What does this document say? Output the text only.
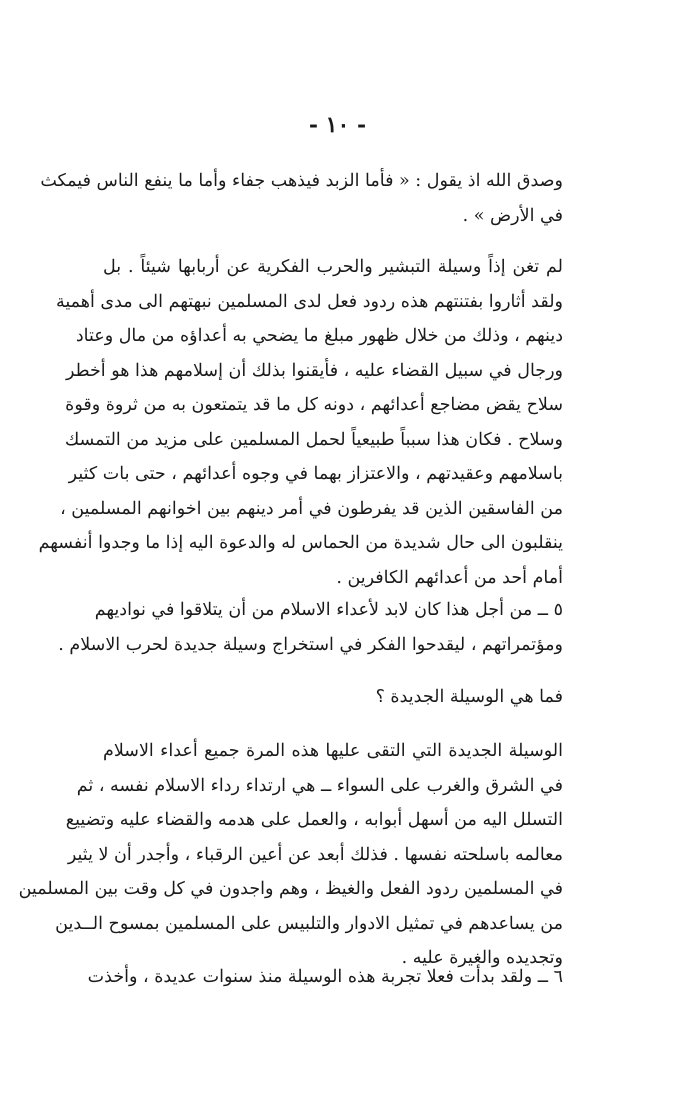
- ١٠ -
وصدق الله اذ يقول : « فأما الزبد فيذهب جفاء وأما ما ينفع الناس فيمكث
في الأرض » .
لم تغن إذاً وسيلة التبشير والحرب الفكرية عن أربابها شيئاً . بل
ولقد أثاروا بفتنتهم هذه ردود فعل لدى المسلمين نبهتهم الى مدى أهمية
دينهم ، وذلك من خلال ظهور مبلغ ما يضحي به أعداؤه من مال وعتاد
ورجال في سبيل القضاء عليه ، فأيقنوا بذلك أن إسلامهم هذا هو أخطر
سلاح يقض مضاجع أعدائهم ، دونه كل ما قد يتمتعون به من ثروة وقوة
وسلاح . فكان هذا سبباً طبيعياً لحمل المسلمين على مزيد من التمسك
باسلامهم وعقيدتهم ، والاعتزاز بهما في وجوه أعدائهم ، حتى بات كثير
من الفاسقين الذين قد يفرطون في أمر دينهم بين اخوانهم المسلمين ،
ينقلبون الى حال شديدة من الحماس له والدعوة اليه إذا ما وجدوا أنفسهم
أمام أحد من أعدائهم الكافرين .
٥ ــ من أجل هذا كان لابد لأعداء الاسلام من أن يتلاقوا في نواديهم
ومؤتمراتهم ، ليقدحوا الفكر في استخراج وسيلة جديدة لحرب الاسلام .
فما هي الوسيلة الجديدة ؟
الوسيلة الجديدة التي التقى عليها هذه المرة جميع أعداء الاسلام
في الشرق والغرب على السواء ــ هي ارتداء رداء الاسلام نفسه ، ثم
التسلل اليه من أسهل أبوابه ، والعمل على هدمه والقضاء عليه وتضييع
معالمه باسلحته نفسها . فذلك أبعد عن أعين الرقباء ، وأجدر أن لا يثير
في المسلمين ردود الفعل والغيظ ، وهم واجدون في كل وقت بين المسلمين
من يساعدهم في تمثيل الادوار والتلبيس على المسلمين بمسوح الــدين
وتجديده والغيرة عليه .
٦ ــ ولقد بدأت فعلا تجربة هذه الوسيلة منذ سنوات عديدة ، وأخذت
